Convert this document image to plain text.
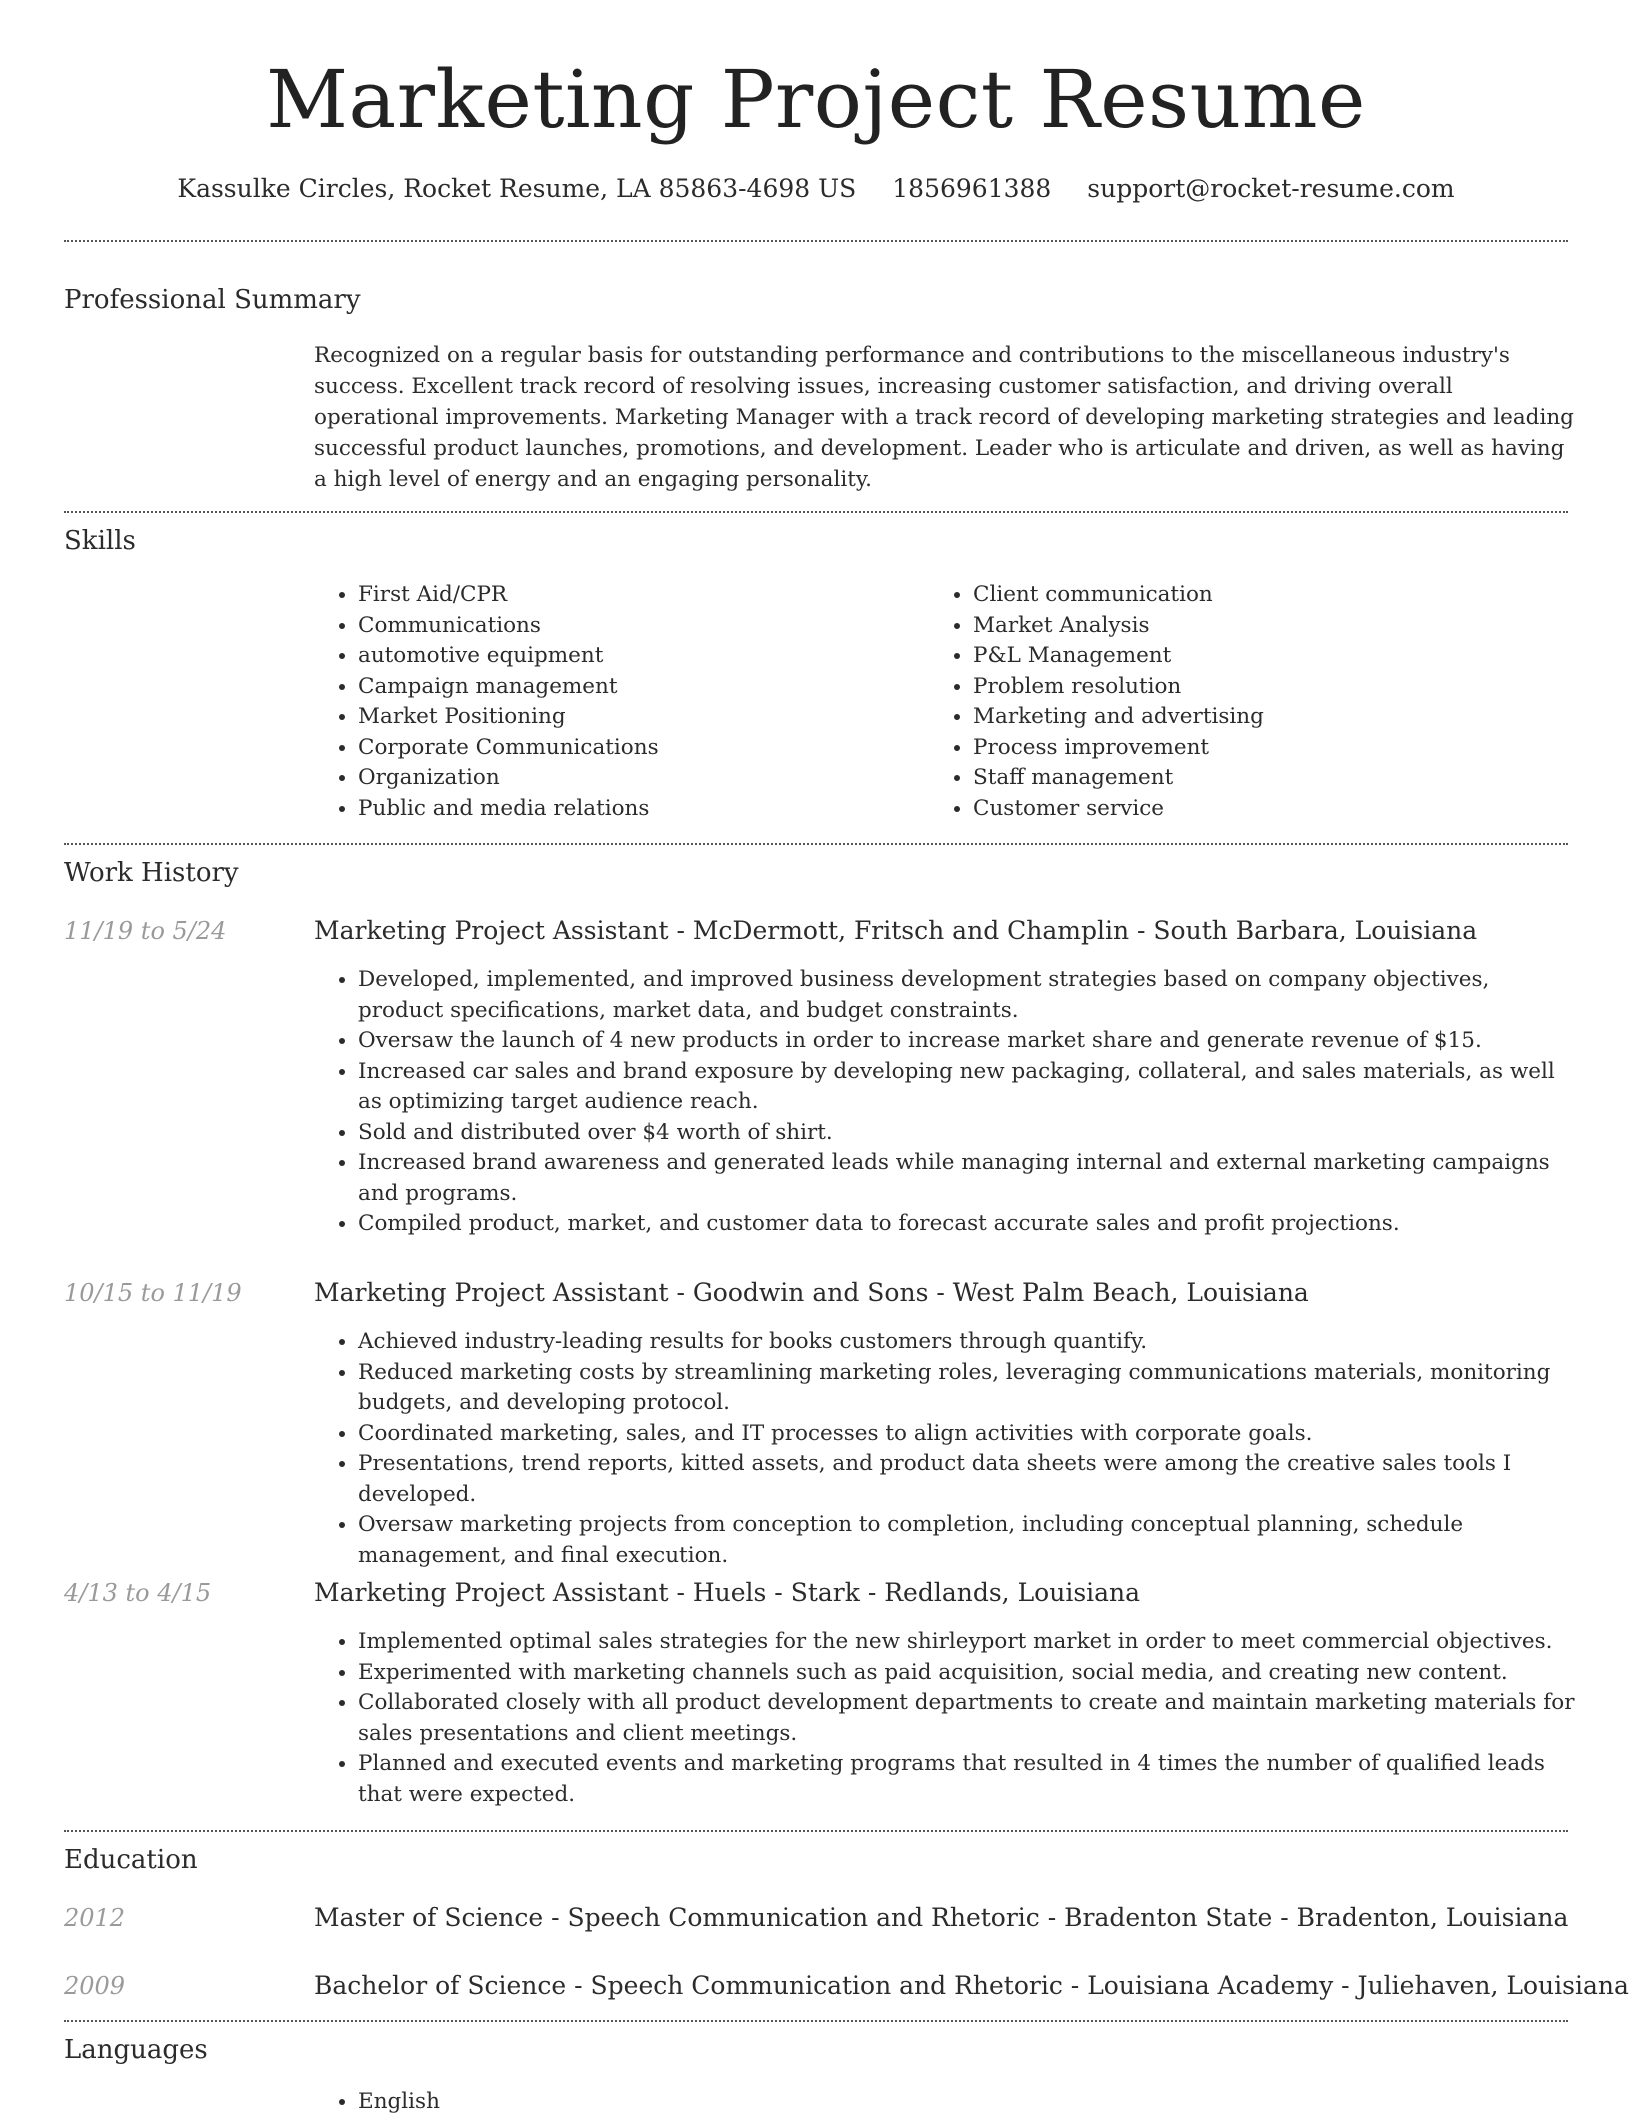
Marketing Project Resume
Kassulke Circles, Rocket Resume, LA 85863-4698 US 1856961388 support@rocket-resume.com
Professional Summary

Recognized on a regular basis for outstanding performance and contributions to the miscellaneous industry's success. Excellent track record of resolving issues, increasing customer satisfaction, and driving overall operational improvements. Marketing Manager with a track record of developing marketing strategies and leading successful product launches, promotions, and development. Leader who is articulate and driven, as well as having a high level of energy and an engaging personality.

Skills
• First Aid/CPR
• Communications
• automotive equipment
• Campaign management
• Market Positioning
• Corporate Communications
• Organization
• Public and media relations
• Client communication
• Market Analysis
• P&L Management
• Problem resolution
• Marketing and advertising
• Process improvement
• Staff management
• Customer service
Work History
11/19 to 5/24	Marketing Project Assistant - McDermott, Fritsch and Champlin - South Barbara, Louisiana
• Developed, implemented, and improved business development strategies based on company objectives, product specifications, market data, and budget constraints.
• Oversaw the launch of 4 new products in order to increase market share and generate revenue of $15.
• Increased car sales and brand exposure by developing new packaging, collateral, and sales materials, as well as optimizing target audience reach.
• Sold and distributed over $4 worth of shirt.
• Increased brand awareness and generated leads while managing internal and external marketing campaigns and programs.
• Compiled product, market, and customer data to forecast accurate sales and profit projections.
10/15 to 11/19	Marketing Project Assistant - Goodwin and Sons - West Palm Beach, Louisiana
• Achieved industry-leading results for books customers through quantify.
• Reduced marketing costs by streamlining marketing roles, leveraging communications materials, monitoring budgets, and developing protocol.
• Coordinated marketing, sales, and IT processes to align activities with corporate goals.
• Presentations, trend reports, kitted assets, and product data sheets were among the creative sales tools I developed.
• Oversaw marketing projects from conception to completion, including conceptual planning, schedule management, and final execution.
4/13 to 4/15	Marketing Project Assistant - Huels - Stark - Redlands, Louisiana
• Implemented optimal sales strategies for the new shirleyport market in order to meet commercial objectives.
• Experimented with marketing channels such as paid acquisition, social media, and creating new content.
• Collaborated closely with all product development departments to create and maintain marketing materials for sales presentations and client meetings.
• Planned and executed events and marketing programs that resulted in 4 times the number of qualified leads that were expected.
Education
2012	Master of Science - Speech Communication and Rhetoric - Bradenton State - Bradenton, Louisiana
2009	Bachelor of Science - Speech Communication and Rhetoric - Louisiana Academy - Juliehaven, Louisiana
Languages
• English
